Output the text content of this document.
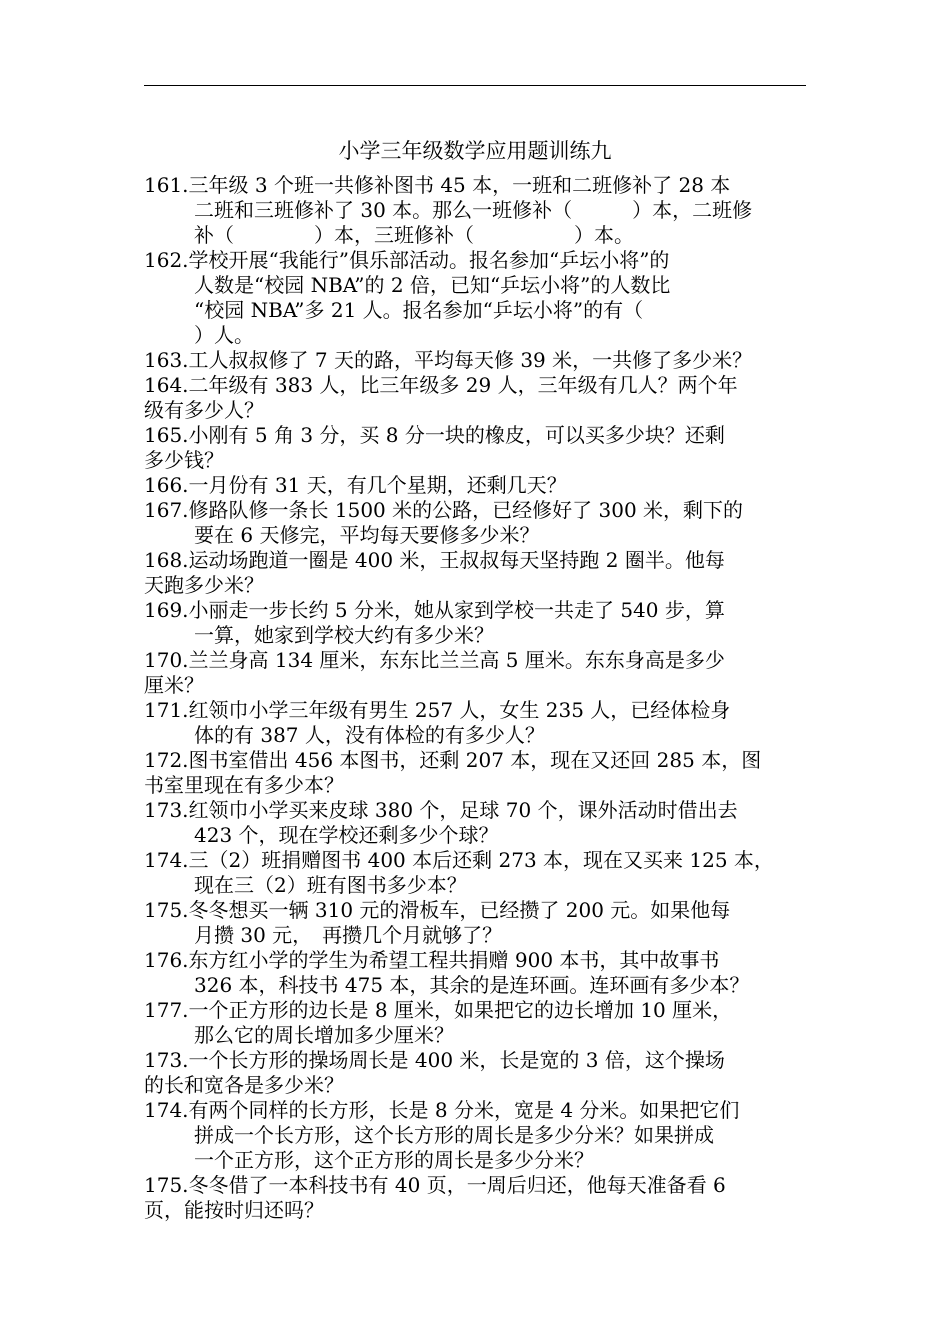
小学三年级数学应用题训练九
161.三年级 3 个班一共修补图书 45 本，一班和二班修补了 28 本
二班和三班修补了 30 本。那么一班修补（　　　）本，二班修
补（　　　　）本，三班修补（　　　　　）本。
162.学校开展“我能行”俱乐部活动。报名参加“乒坛小将”的
人数是“校园 NBA”的 2 倍，已知“乒坛小将”的人数比
“校园 NBA”多 21 人。报名参加“乒坛小将”的有（
）人。
163.工人叔叔修了 7 天的路，平均每天修 39 米，一共修了多少米？
164.二年级有 383 人，比三年级多 29 人，三年级有几人？两个年
级有多少人？
165.小刚有 5 角 3 分，买 8 分一块的橡皮，可以买多少块？还剩
多少钱？
166.一月份有 31 天，有几个星期，还剩几天？
167.修路队修一条长 1500 米的公路，已经修好了 300 米，剩下的
要在 6 天修完，平均每天要修多少米？
168.运动场跑道一圈是 400 米，王叔叔每天坚持跑 2 圈半。他每
天跑多少米？
169.小丽走一步长约 5 分米，她从家到学校一共走了 540 步，算
一算，她家到学校大约有多少米？
170.兰兰身高 134 厘米，东东比兰兰高 5 厘米。东东身高是多少
厘米？
171.红领巾小学三年级有男生 257 人，女生 235 人，已经体检身
体的有 387 人，没有体检的有多少人？
172.图书室借出 456 本图书，还剩 207 本，现在又还回 285 本，图
书室里现在有多少本？
173.红领巾小学买来皮球 380 个，足球 70 个，课外活动时借出去
423 个，现在学校还剩多少个球？
174.三（2）班捐赠图书 400 本后还剩 273 本，现在又买来 125 本，
现在三（2）班有图书多少本？
175.冬冬想买一辆 310 元的滑板车，已经攒了 200 元。如果他每
月攒 30 元，　再攒几个月就够了？
176.东方红小学的学生为希望工程共捐赠 900 本书，其中故事书
326 本，科技书 475 本，其余的是连环画。连环画有多少本？
177.一个正方形的边长是 8 厘米，如果把它的边长增加 10 厘米，
那么它的周长增加多少厘米？
173.一个长方形的操场周长是 400 米，长是宽的 3 倍，这个操场
的长和宽各是多少米？
174.有两个同样的长方形，长是 8 分米，宽是 4 分米。如果把它们
拼成一个长方形，这个长方形的周长是多少分米？如果拼成
一个正方形，这个正方形的周长是多少分米？
175.冬冬借了一本科技书有 40 页，一周后归还，他每天准备看 6
页，能按时归还吗？
